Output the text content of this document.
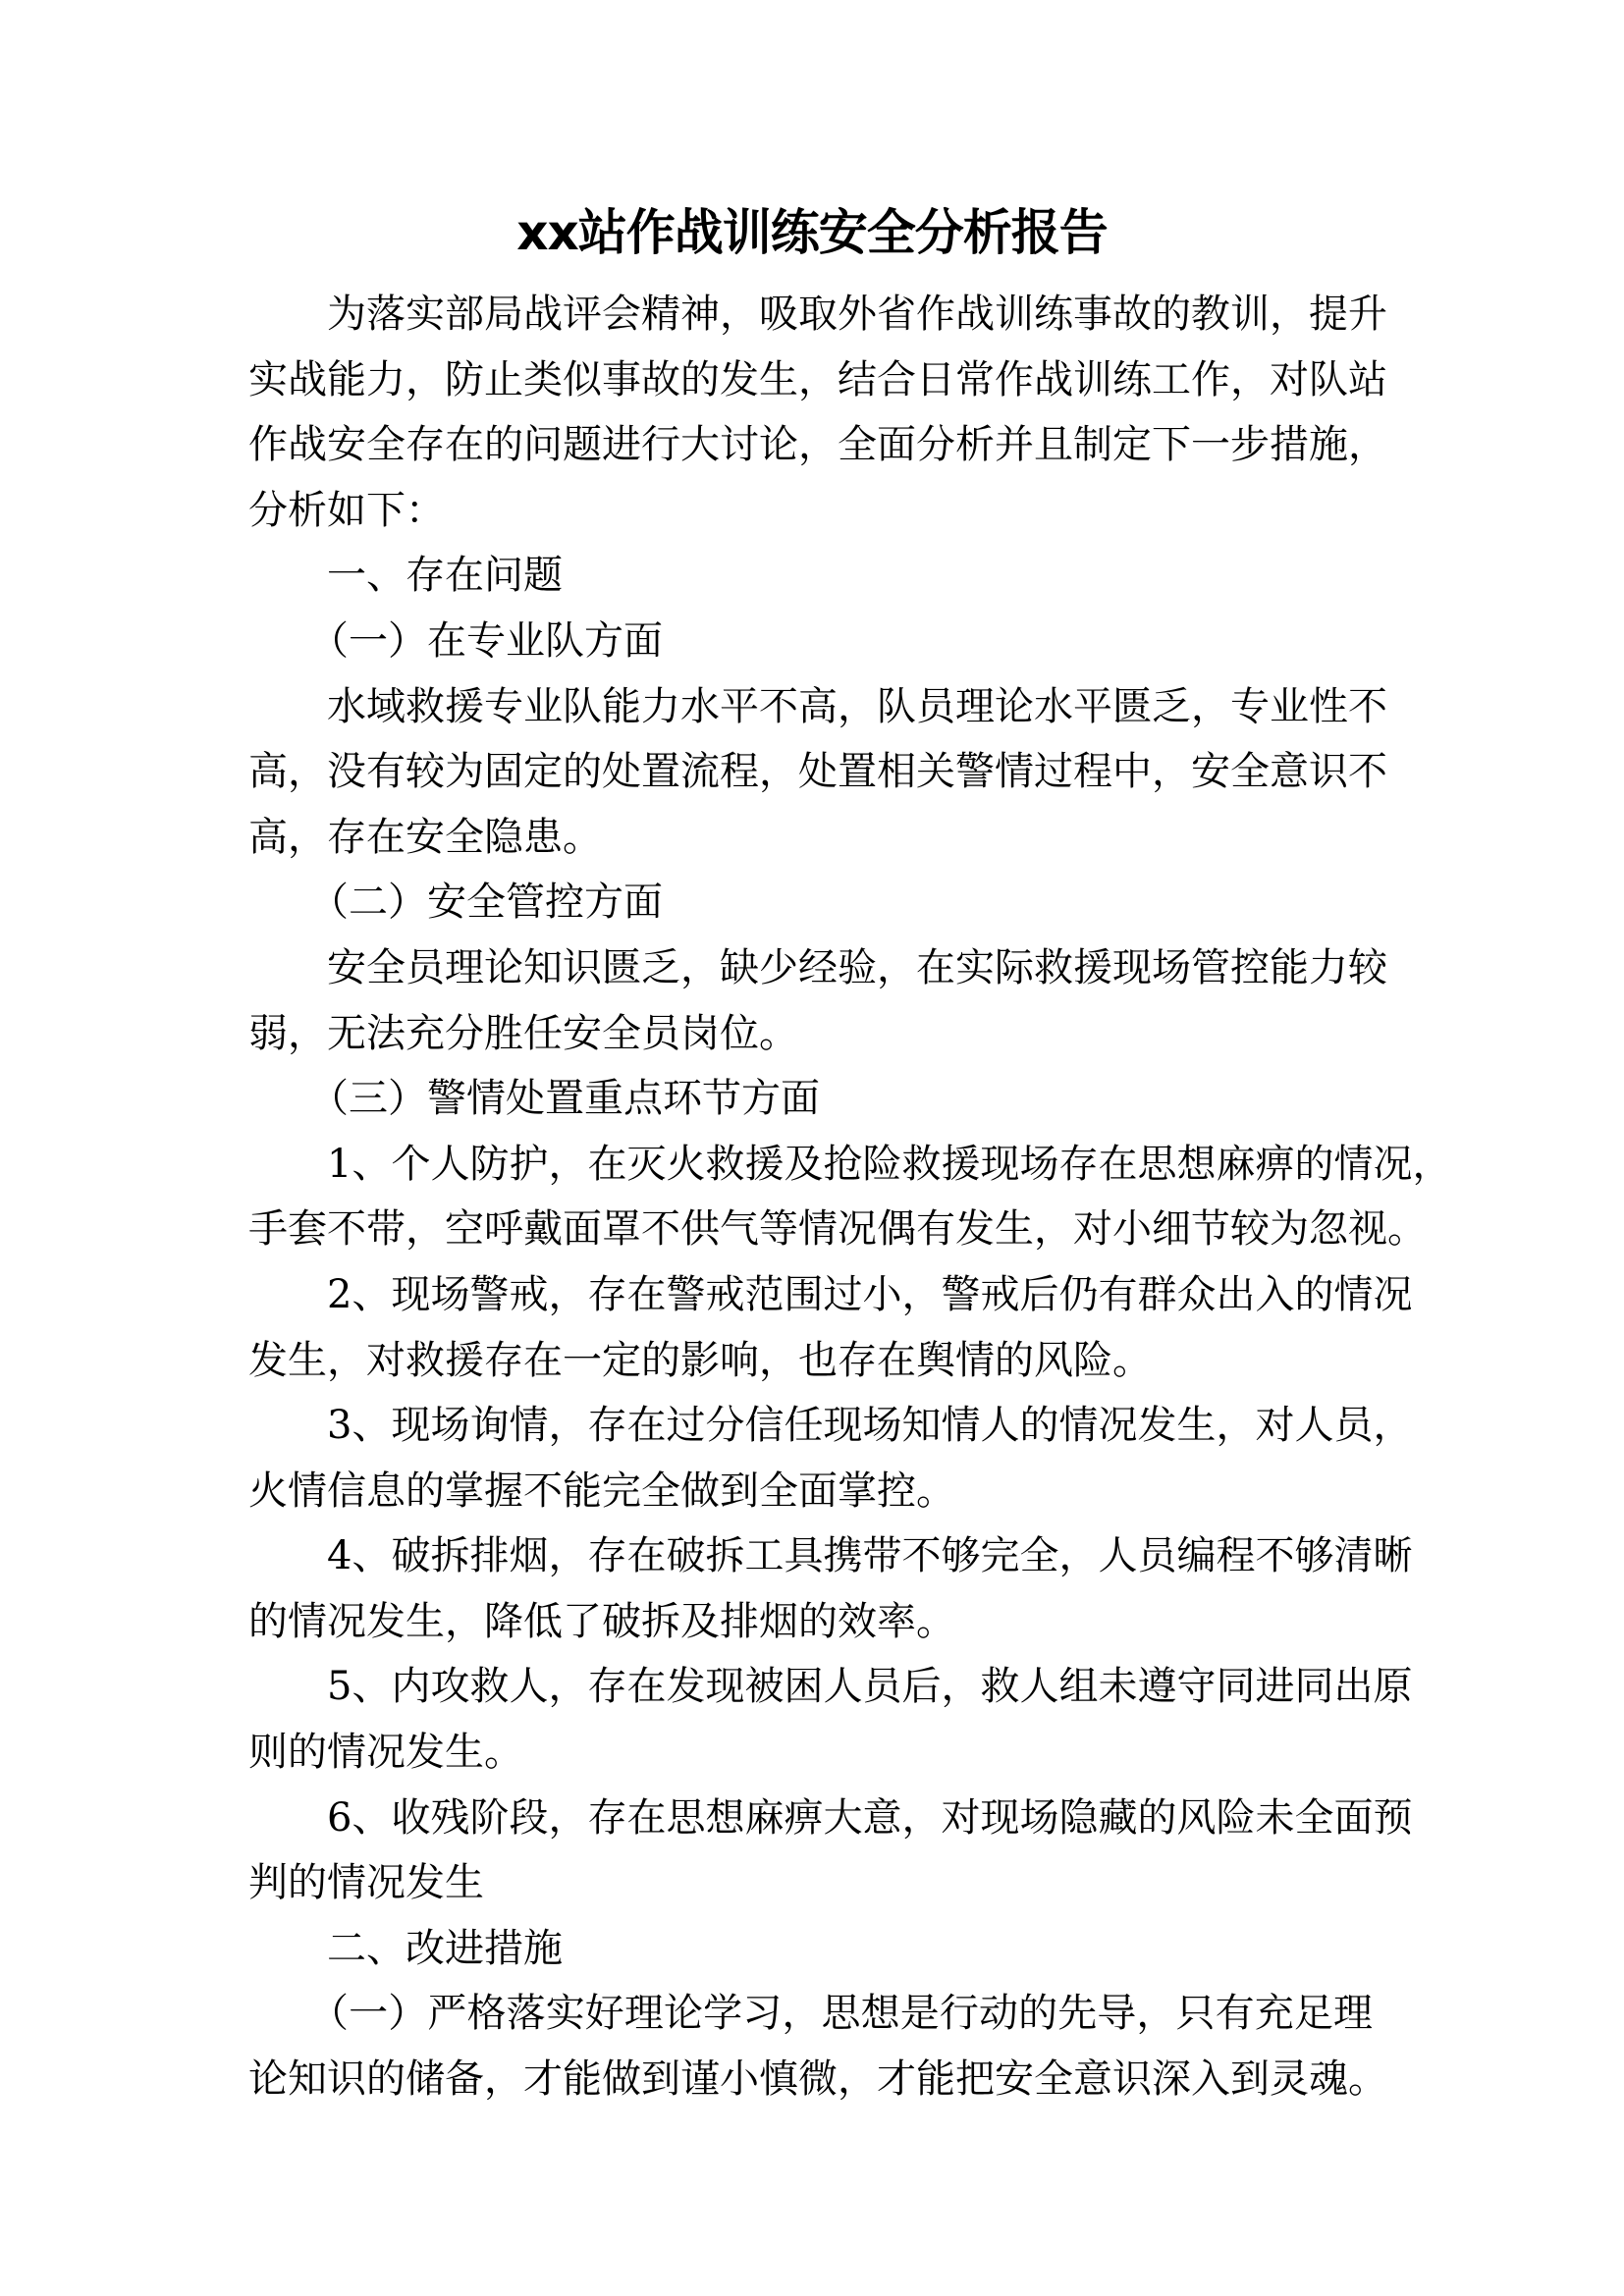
xx站作战训练安全分析报告
为落实部局战评会精神，吸取外省作战训练事故的教训，提升
实战能力，防止类似事故的发生，结合日常作战训练工作，对队站
作战安全存在的问题进行大讨论，全面分析并且制定下一步措施，
分析如下：
一、存在问题
（一）在专业队方面
水域救援专业队能力水平不高，队员理论水平匮乏，专业性不
高，没有较为固定的处置流程，处置相关警情过程中，安全意识不
高，存在安全隐患。
（二）安全管控方面
安全员理论知识匮乏，缺少经验，在实际救援现场管控能力较
弱，无法充分胜任安全员岗位。
（三）警情处置重点环节方面
1、个人防护，在灭火救援及抢险救援现场存在思想麻痹的情况，
手套不带，空呼戴面罩不供气等情况偶有发生，对小细节较为忽视。
2、现场警戒，存在警戒范围过小，警戒后仍有群众出入的情况
发生，对救援存在一定的影响，也存在舆情的风险。
3、现场询情，存在过分信任现场知情人的情况发生，对人员，
火情信息的掌握不能完全做到全面掌控。
4、破拆排烟，存在破拆工具携带不够完全，人员编程不够清晰
的情况发生，降低了破拆及排烟的效率。
5、内攻救人，存在发现被困人员后，救人组未遵守同进同出原
则的情况发生。
6、收残阶段，存在思想麻痹大意，对现场隐藏的风险未全面预
判的情况发生
二、改进措施
（一）严格落实好理论学习，思想是行动的先导，只有充足理
论知识的储备，才能做到谨小慎微，才能把安全意识深入到灵魂。
